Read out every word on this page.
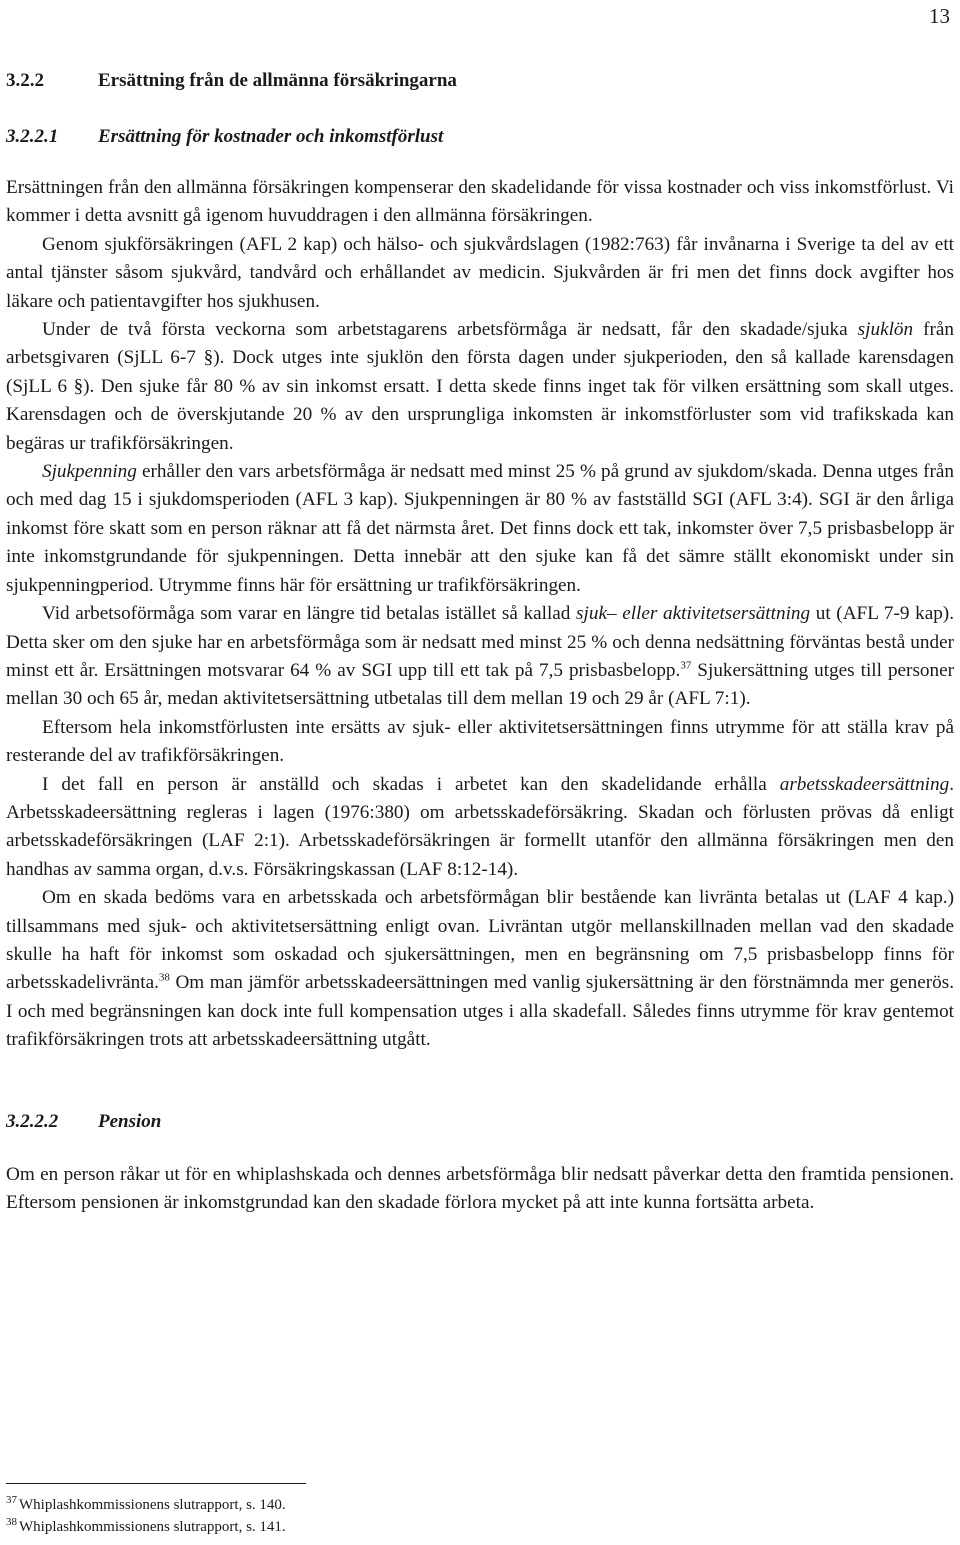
13
3.2.2	Ersättning från de allmänna försäkringarna
3.2.2.1 Ersättning för kostnader och inkomstförlust

Ersättningen från den allmänna försäkringen kompenserar den skadelidande för vissa kostnader och viss inkomstförlust. Vi kommer i detta avsnitt gå igenom huvuddragen i den allmänna försäkringen.

Genom sjukförsäkringen (AFL 2 kap) och hälso- och sjukvårdslagen (1982:763) får invånarna i Sverige ta del av ett antal tjänster såsom sjukvård, tandvård och erhållandet av medicin. Sjukvården är fri men det finns dock avgifter hos läkare och patientavgifter hos sjukhusen.

Under de två första veckorna som arbetstagarens arbetsförmåga är nedsatt, får den skadade/sjuka sjuklön från arbetsgivaren (SjLL 6-7 §). Dock utges inte sjuklön den första dagen under sjukperioden, den så kallade karensdagen (SjLL 6 §). Den sjuke får 80 % av sin inkomst ersatt. I detta skede finns inget tak för vilken ersättning som skall utges. Karensdagen och de överskjutande 20 % av den ursprungliga inkomsten är inkomstförluster som vid trafikskada kan begäras ur trafikförsäkringen.

Sjukpenning erhåller den vars arbetsförmåga är nedsatt med minst 25 % på grund av sjukdom/skada. Denna utges från och med dag 15 i sjukdomsperioden (AFL 3 kap). Sjukpenningen är 80 % av fastställd SGI (AFL 3:4). SGI är den årliga inkomst före skatt som en person räknar att få det närmsta året. Det finns dock ett tak, inkomster över 7,5 prisbasbelopp är inte inkomstgrundande för sjukpenningen. Detta innebär att den sjuke kan få det sämre ställt ekonomiskt under sin sjukpenningperiod. Utrymme finns här för ersättning ur trafikförsäkringen.

Vid arbetsoförmåga som varar en längre tid betalas istället så kallad sjuk– eller aktivitetsersättning ut (AFL 7-9 kap). Detta sker om den sjuke har en arbetsförmåga som är nedsatt med minst 25 % och denna nedsättning förväntas bestå under minst ett år. Ersättningen motsvarar 64 % av SGI upp till ett tak på 7,5 prisbasbelopp.$^{37}$ Sjukersättning utges till personer mellan 30 och 65 år, medan aktivitetsersättning utbetalas till dem mellan 19 och 29 år (AFL 7:1).

Eftersom hela inkomstförlusten inte ersätts av sjuk- eller aktivitetsersättningen finns utrymme för att ställa krav på resterande del av trafikförsäkringen.

I det fall en person är anställd och skadas i arbetet kan den skadelidande erhålla arbetsskadeersättning. Arbetsskadeersättning regleras i lagen (1976:380) om arbetsskadeförsäkring. Skadan och förlusten prövas då enligt arbetsskadeförsäkringen (LAF 2:1). Arbetsskadeförsäkringen är formellt utanför den allmänna försäkringen men den handhas av samma organ, d.v.s. Försäkringskassan (LAF 8:12-14).

Om en skada bedöms vara en arbetsskada och arbetsförmågan blir bestående kan livränta betalas ut (LAF 4 kap.) tillsammans med sjuk- och aktivitetsersättning enligt ovan. Livräntan utgör mellanskillnaden mellan vad den skadade skulle ha haft för inkomst som oskadad och sjukersättningen, men en begränsning om 7,5 prisbasbelopp finns för arbetsskadelivränta.$^{38}$ Om man jämför arbetsskadeersättningen med vanlig sjukersättning är den förstnämnda mer generös. I och med begränsningen kan dock inte full kompensation utges i alla skadefall. Således finns utrymme för krav gentemot trafikförsäkringen trots att arbetsskadeersättning utgått.

3.2.2.2 Pension

Om en person råkar ut för en whiplashskada och dennes arbetsförmåga blir nedsatt påverkar detta den framtida pensionen. Eftersom pensionen är inkomstgrundad kan den skadade förlora mycket på att inte kunna fortsätta arbeta.

$^{37}$ Whiplashkommissionens slutrapport, s. 140.
$^{38}$ Whiplashkommissionens slutrapport, s. 141.
